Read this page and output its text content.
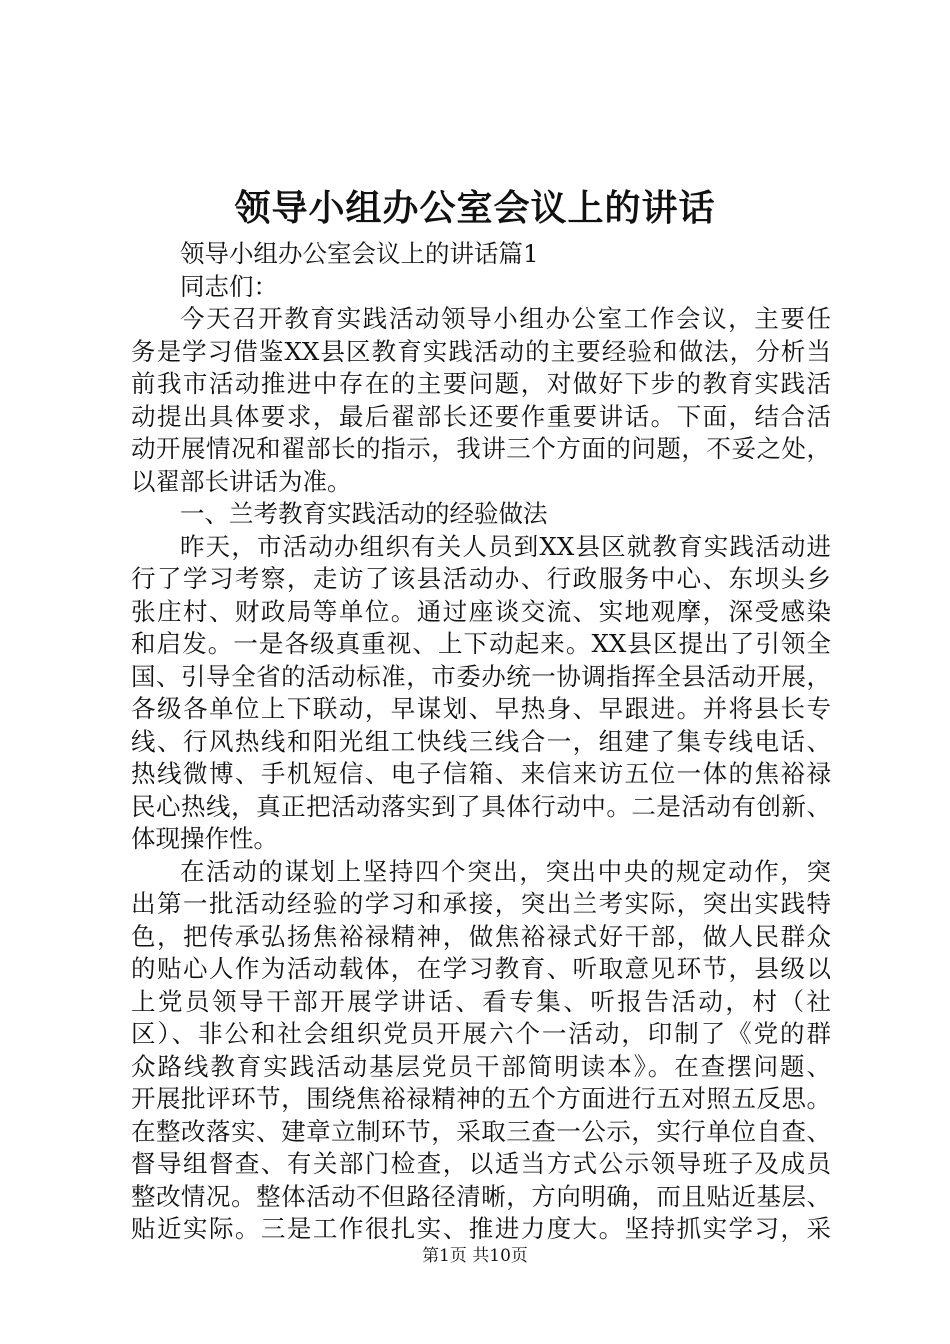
领导小组办公室会议上的讲话
领导小组办公室会议上的讲话篇1
同志们：
今天召开教育实践活动领导小组办公室工作会议，主要任
务是学习借鉴XX县区教育实践活动的主要经验和做法，分析当
前我市活动推进中存在的主要问题，对做好下步的教育实践活
动提出具体要求，最后翟部长还要作重要讲话。下面，结合活
动开展情况和翟部长的指示，我讲三个方面的问题，不妥之处，
以翟部长讲话为准。
一、兰考教育实践活动的经验做法
昨天，市活动办组织有关人员到XX县区就教育实践活动进
行了学习考察，走访了该县活动办、行政服务中心、东坝头乡
张庄村、财政局等单位。通过座谈交流、实地观摩，深受感染
和启发。一是各级真重视、上下动起来。XX县区提出了引领全
国、引导全省的活动标准，市委办统一协调指挥全县活动开展，
各级各单位上下联动，早谋划、早热身、早跟进。并将县长专
线、行风热线和阳光组工快线三线合一，组建了集专线电话、
热线微博、手机短信、电子信箱、来信来访五位一体的焦裕禄
民心热线，真正把活动落实到了具体行动中。二是活动有创新、
体现操作性。
在活动的谋划上坚持四个突出，突出中央的规定动作，突
出第一批活动经验的学习和承接，突出兰考实际，突出实践特
色，把传承弘扬焦裕禄精神，做焦裕禄式好干部，做人民群众
的贴心人作为活动载体，在学习教育、听取意见环节，县级以
上党员领导干部开展学讲话、看专集、听报告活动，村（社
区）、非公和社会组织党员开展六个一活动，印制了《党的群
众路线教育实践活动基层党员干部简明读本》。在查摆问题、
开展批评环节，围绕焦裕禄精神的五个方面进行五对照五反思。
在整改落实、建章立制环节，采取三查一公示，实行单位自查、
督导组督查、有关部门检查，以适当方式公示领导班子及成员
整改情况。整体活动不但路径清晰，方向明确，而且贴近基层、
贴近实际。三是工作很扎实、推进力度大。坚持抓实学习，采
第1页 共10页
